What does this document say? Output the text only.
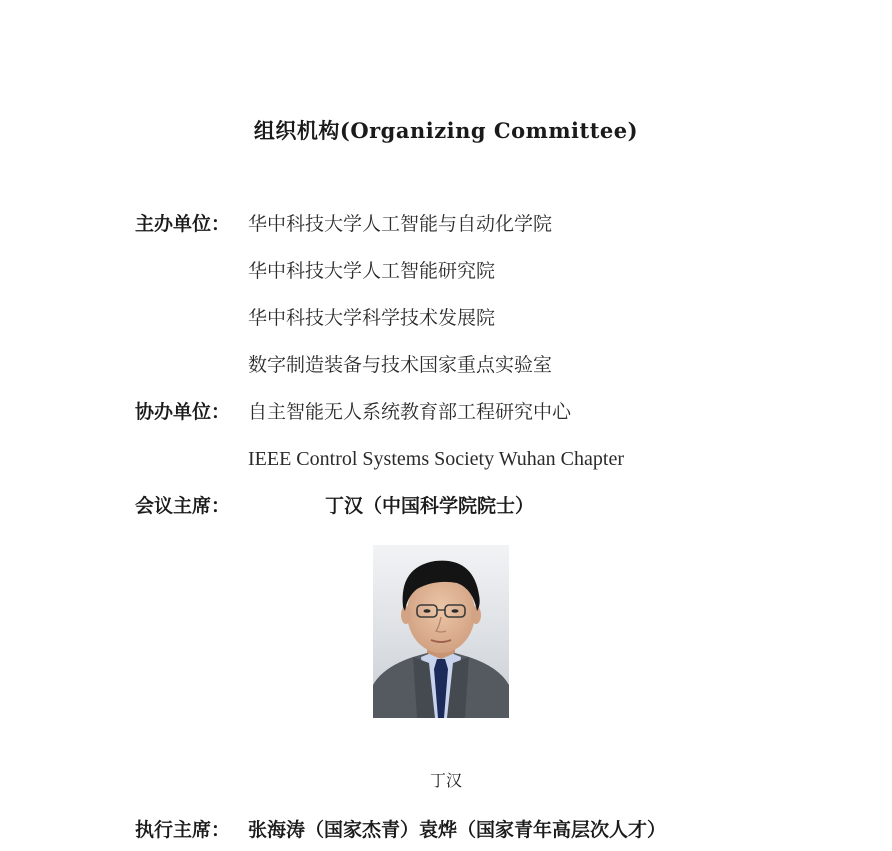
组织机构(Organizing Committee)
主办单位： 华中科技大学人工智能与自动化学院
华中科技大学人工智能研究院
华中科技大学科学技术发展院
数字制造装备与技术国家重点实验室
协办单位： 自主智能无人系统教育部工程研究中心
IEEE Control Systems Society Wuhan Chapter
会议主席：	丁汉（中国科学院院士）
丁汉
执行主席： 张海涛（国家杰青）袁烨（国家青年高层次人才）
